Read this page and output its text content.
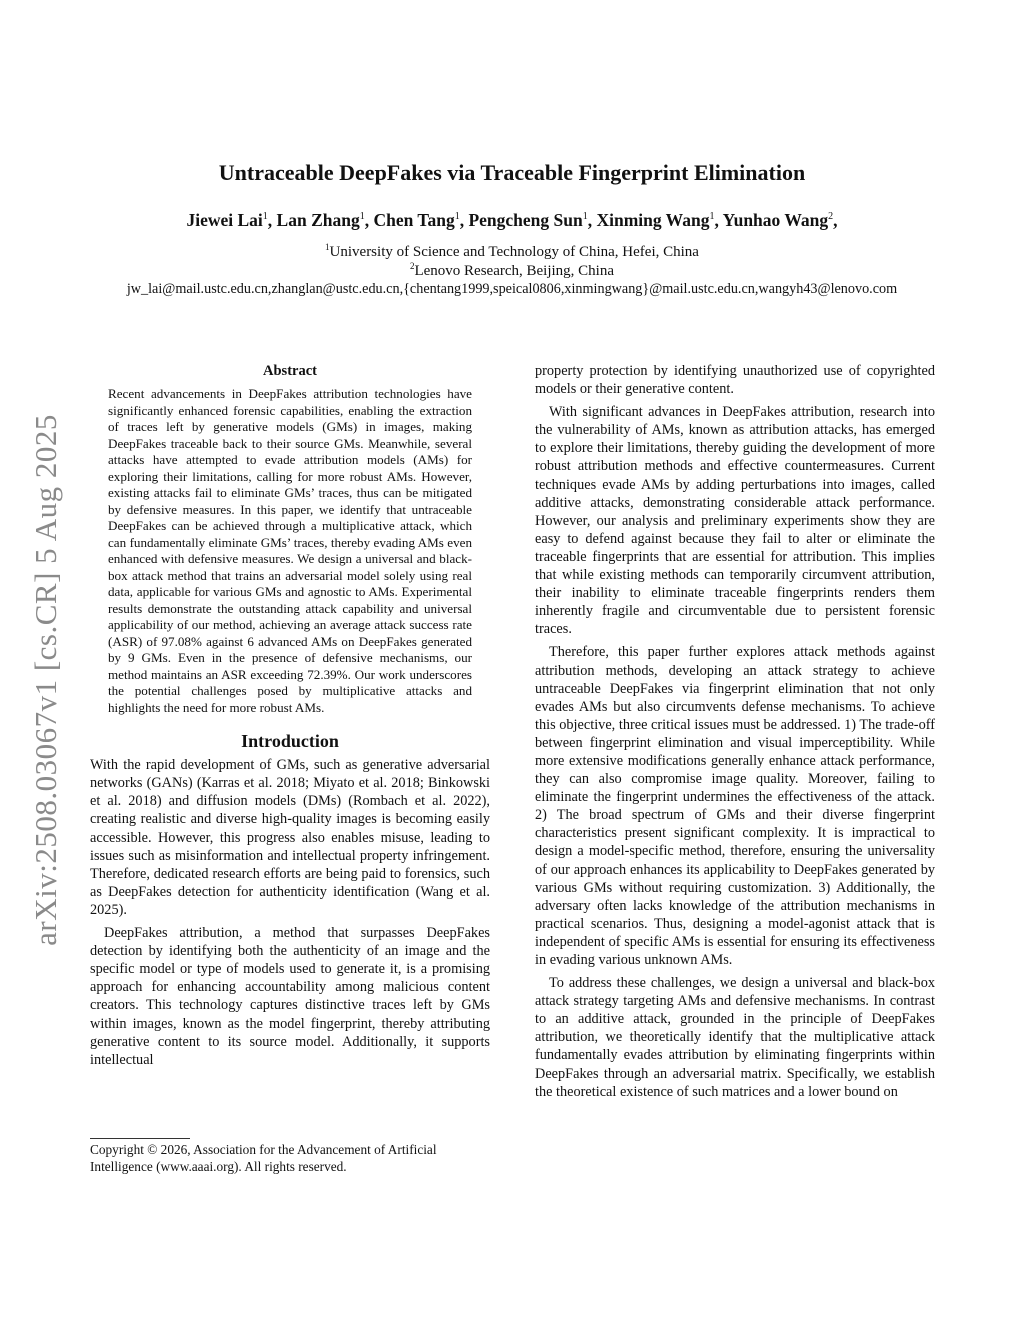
arXiv:2508.03067v1 [cs.CR] 5 Aug 2025
Untraceable DeepFakes via Traceable Fingerprint Elimination
Jiewei Lai$^1$, Lan Zhang$^1$, Chen Tang$^1$, Pengcheng Sun$^1$, Xinming Wang$^1$, Yunhao Wang$^2$,
$^1$University of Science and Technology of China, Hefei, China
$^2$Lenovo Research, Beijing, China
jw_lai@mail.ustc.edu.cn,zhanglan@ustc.edu.cn,{chentang1999,speical0806,xinmingwang}@mail.ustc.edu.cn,wangyh43@lenovo.com
Abstract
Recent advancements in DeepFakes attribution technologies have significantly enhanced forensic capabilities, enabling the extraction of traces left by generative models (GMs) in images, making DeepFakes traceable back to their source GMs. Meanwhile, several attacks have attempted to evade attribution models (AMs) for exploring their limitations, calling for more robust AMs. However, existing attacks fail to eliminate GMs’ traces, thus can be mitigated by defensive measures. In this paper, we identify that untraceable DeepFakes can be achieved through a multiplicative attack, which can fundamentally eliminate GMs’ traces, thereby evading AMs even enhanced with defensive measures. We design a universal and black-box attack method that trains an adversarial model solely using real data, applicable for various GMs and agnostic to AMs. Experimental results demonstrate the outstanding attack capability and universal applicability of our method, achieving an average attack success rate (ASR) of 97.08% against 6 advanced AMs on DeepFakes generated by 9 GMs. Even in the presence of defensive mechanisms, our method maintains an ASR exceeding 72.39%. Our work underscores the potential challenges posed by multiplicative attacks and highlights the need for more robust AMs.
Introduction

With the rapid development of GMs, such as generative adversarial networks (GANs) (Karras et al. 2018; Miyato et al. 2018; Binkowski et al. 2018) and diffusion models (DMs) (Rombach et al. 2022), creating realistic and diverse high-quality images is becoming easily accessible. However, this progress also enables misuse, leading to issues such as misinformation and intellectual property infringement. Therefore, dedicated research efforts are being paid to forensics, such as DeepFakes detection for authenticity identification (Wang et al. 2025).

DeepFakes attribution, a method that surpasses DeepFakes detection by identifying both the authenticity of an image and the specific model or type of models used to generate it, is a promising approach for enhancing accountability among malicious content creators. This technology captures distinctive traces left by GMs within images, known as the model fingerprint, thereby attributing generative content to its source model. Additionally, it supports intellectual

Copyright © 2026, Association for the Advancement of Artificial Intelligence (www.aaai.org). All rights reserved.

property protection by identifying unauthorized use of copyrighted models or their generative content.

With significant advances in DeepFakes attribution, research into the vulnerability of AMs, known as attribution attacks, has emerged to explore their limitations, thereby guiding the development of more robust attribution methods and effective countermeasures. Current techniques evade AMs by adding perturbations into images, called additive attacks, demonstrating considerable attack performance. However, our analysis and preliminary experiments show they are easy to defend against because they fail to alter or eliminate the traceable fingerprints that are essential for attribution. This implies that while existing methods can temporarily circumvent attribution, their inability to eliminate traceable fingerprints renders them inherently fragile and circumventable due to persistent forensic traces.

Therefore, this paper further explores attack methods against attribution methods, developing an attack strategy to achieve untraceable DeepFakes via fingerprint elimination that not only evades AMs but also circumvents defense mechanisms. To achieve this objective, three critical issues must be addressed. 1) The trade-off between fingerprint elimination and visual imperceptibility. While more extensive modifications generally enhance attack performance, they can also compromise image quality. Moreover, failing to eliminate the fingerprint undermines the effectiveness of the attack. 2) The broad spectrum of GMs and their diverse fingerprint characteristics present significant complexity. It is impractical to design a model-specific method, therefore, ensuring the universality of our approach enhances its applicability to DeepFakes generated by various GMs without requiring customization. 3) Additionally, the adversary often lacks knowledge of the attribution mechanisms in practical scenarios. Thus, designing a model-agonist attack that is independent of specific AMs is essential for ensuring its effectiveness in evading various unknown AMs.

To address these challenges, we design a universal and black-box attack strategy targeting AMs and defensive mechanisms. In contrast to an additive attack, grounded in the principle of DeepFakes attribution, we theoretically identify that the multiplicative attack fundamentally evades attribution by eliminating fingerprints within DeepFakes through an adversarial matrix. Specifically, we establish the theoretical existence of such matrices and a lower bound on
